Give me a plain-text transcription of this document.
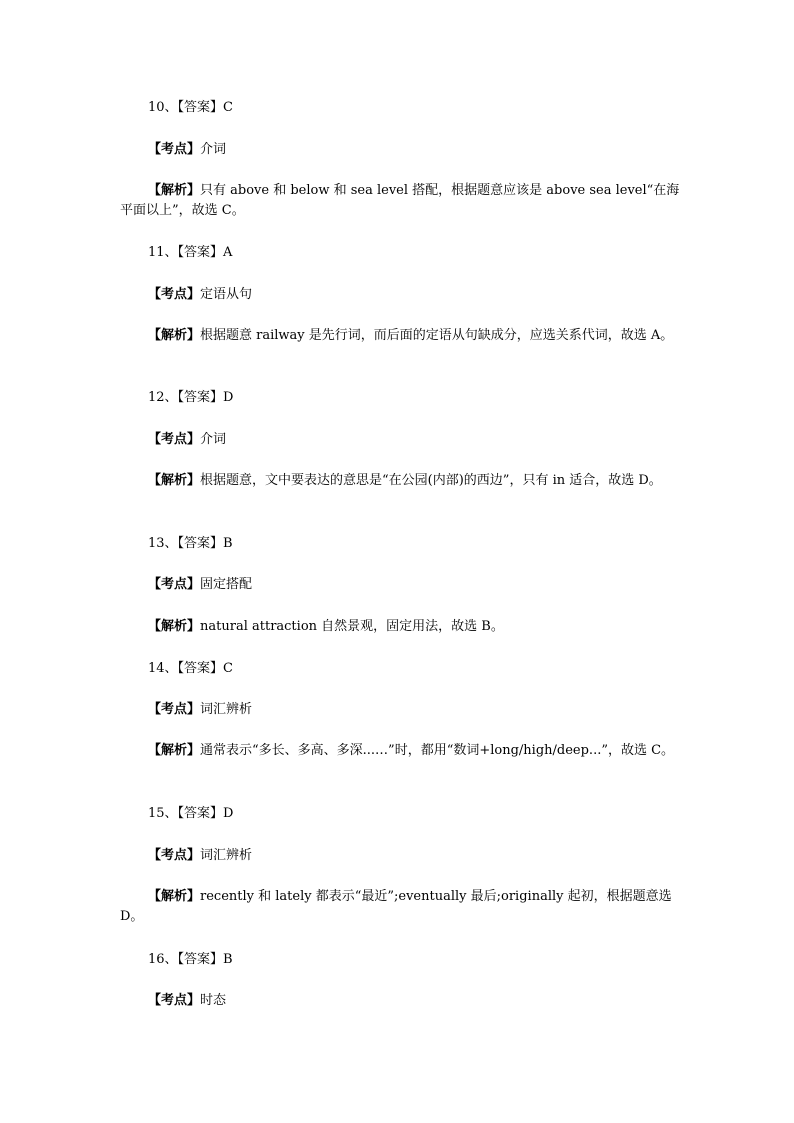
10、【答案】C
【考点】介词
【解析】只有 above 和 below 和 sea level 搭配，根据题意应该是 above sea level“在海平面以上”，故选 C。
11、【答案】A
【考点】定语从句
【解析】根据题意 railway 是先行词，而后面的定语从句缺成分，应选关系代词，故选 A。
12、【答案】D
【考点】介词
【解析】根据题意，文中要表达的意思是“在公园(内部)的西边”，只有 in 适合，故选 D。
13、【答案】B
【考点】固定搭配
【解析】natural attraction 自然景观，固定用法，故选 B。
14、【答案】C
【考点】词汇辨析
【解析】通常表示“多长、多高、多深...…”时，都用“数词+long/high/deep...”，故选 C。
15、【答案】D
【考点】词汇辨析
【解析】recently 和 lately 都表示“最近”;eventually 最后;originally 起初，根据题意选 D。
16、【答案】B
【考点】时态
